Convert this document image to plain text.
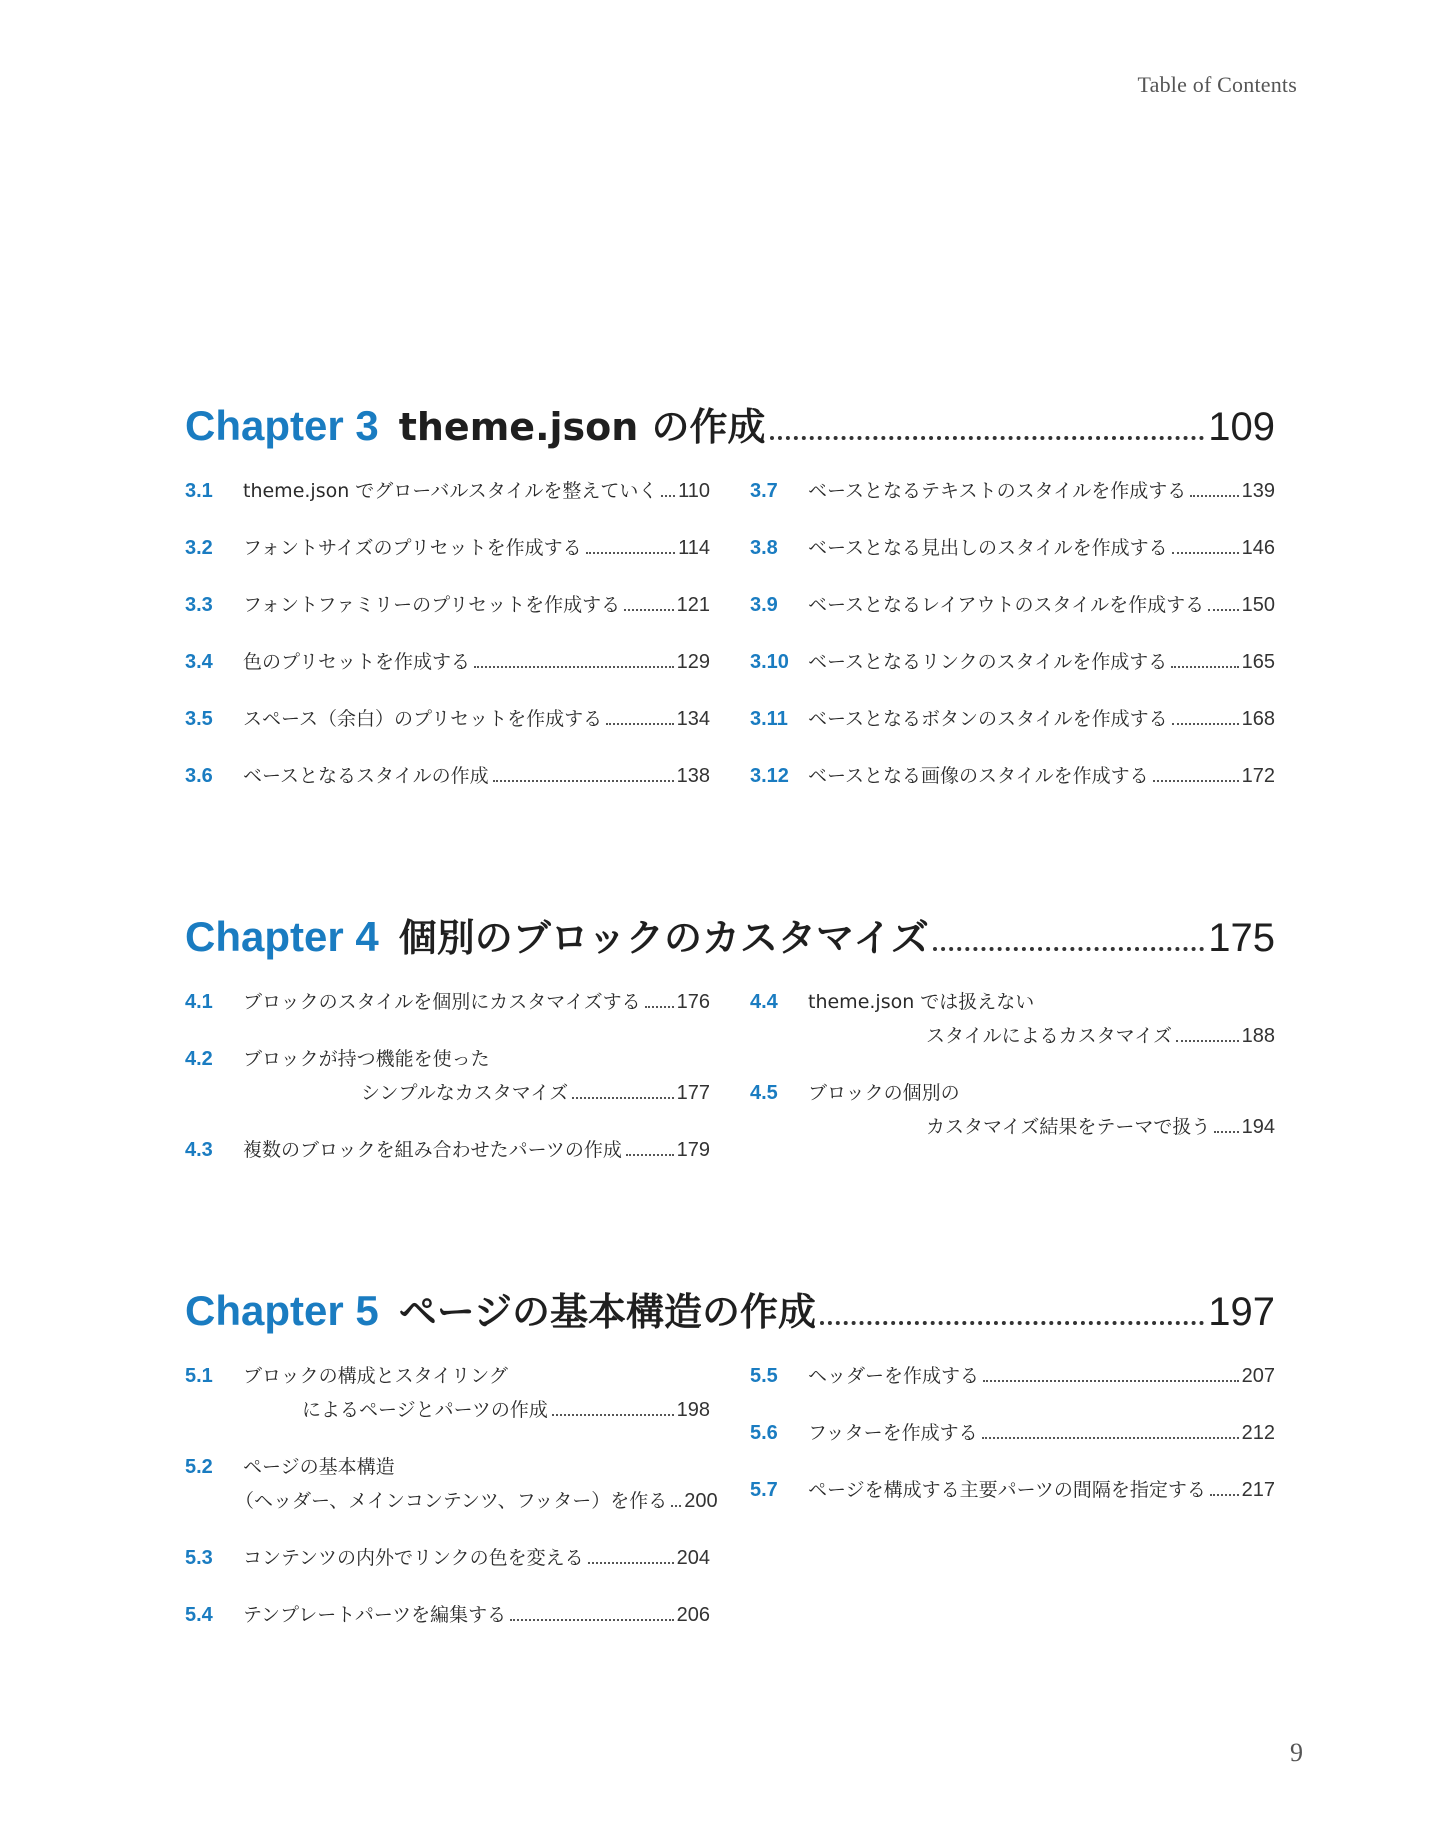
Table of Contents
Chapter 3 theme.json の作成	109
3.1 theme.json でグローバルスタイルを整えていく 110
3.2 フォントサイズのプリセットを作成する	114
3.3 フォントファミリーのプリセットを作成する	121
3.4 色のプリセットを作成する	129
3.5 スペース（余白）のプリセットを作成する	134
3.6 ベースとなるスタイルの作成	138
3.7 ベースとなるテキストのスタイルを作成する	139
3.8 ベースとなる見出しのスタイルを作成する	146
3.9 ベースとなるレイアウトのスタイルを作成する 150
3.10 ベースとなるリンクのスタイルを作成する	165
3.11 ベースとなるボタンのスタイルを作成する	168
3.12 ベースとなる画像のスタイルを作成する	172
Chapter 4 個別のブロックのカスタマイズ	175
4.1 ブロックのスタイルを個別にカスタマイズする 176
4.2	ブロックが持つ機能を使った
シンプルなカスタマイズ	177
4.3 複数のブロックを組み合わせたパーツの作成	179
4.4	theme.json では扱えない
スタイルによるカスタマイズ	188
4.5	ブロックの個別の
カスタマイズ結果をテーマで扱う 194
Chapter 5 ページの基本構造の作成	197
5.1	ブロックの構成とスタイリング
によるページとパーツの作成	198
5.2	ページの基本構造
（ヘッダー、メインコンテンツ、フッター）を作る 200
5.3 コンテンツの内外でリンクの色を変える	204
5.4 テンプレートパーツを編集する	206
5.5 ヘッダーを作成する	207
5.6 フッターを作成する	212
5.7 ページを構成する主要パーツの間隔を指定する 217
9
